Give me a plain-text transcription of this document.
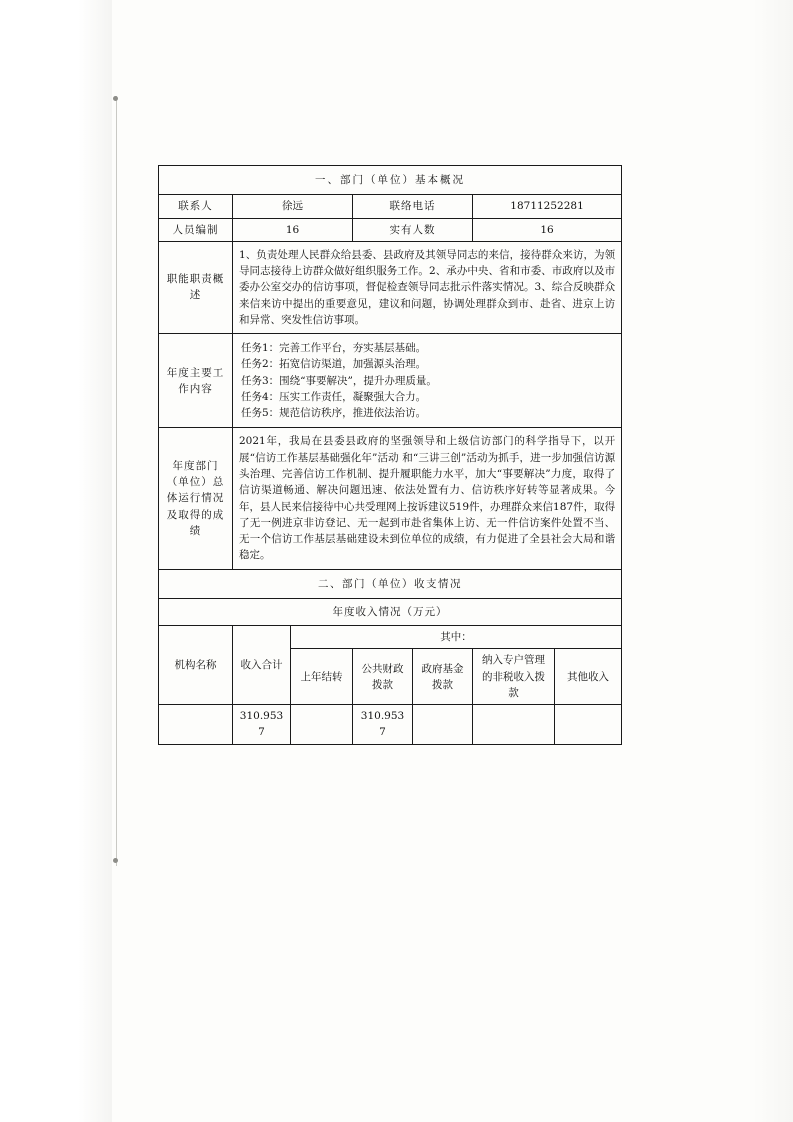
一、部门（单位）基本概况						
联系人	徐远		联络电话		18711252281	
人员编制	16		实有人数		16	
职能职责概述	1、负责处理人民群众给县委、县政府及其领导同志的来信，接待群众来访，为领导同志接待上访群众做好组织服务工作。2、承办中央、省和市委、市政府以及市委办公室交办的信访事项，督促检查领导同志批示件落实情况。3、综合反映群众来信来访中提出的重要意见，建议和问题，协调处理群众到市、赴省、进京上访和异常、突发性信访事项。					
年度主要工作内容	任务1：完善工作平台，夯实基层基础。
任务2：拓宽信访渠道，加强源头治理。
任务3：围绕“事要解决”，提升办理质量。
任务4：压实工作责任，凝聚强大合力。
任务5：规范信访秩序，推进依法治访。					

年度部门（单位）总体运行情况及取得的成绩	2021年，我局在县委县政府的坚强领导和上级信访部门的科学指导下，以开展“信访工作基层基础强化年”活动 和“三讲三创”活动为抓手，进一步加强信访源头治理、完善信访工作机制、提升履职能力水平，加大“事要解决”力度，取得了信访渠道畅通、解决问题迅速、依法处置有力、信访秩序好转等显著成果。今年，县人民来信接待中心共受理网上按诉建议519件，办理群众来信187件，取得了无一例进京非访登记、无一起到市赴省集体上访、无一件信访案件处置不当、无一个信访工作基层基础建设未到位单位的成绩，有力促进了全县社会大局和谐稳定。					
二、部门（单位）收支情况						
年度收入情况（万元）						
机构名称	收入合计	其中：				
		上年结转	公共财政拨款	政府基金拨款	纳入专户管理的非税收入拨款	其他收入
	310.9537		310.9537			
